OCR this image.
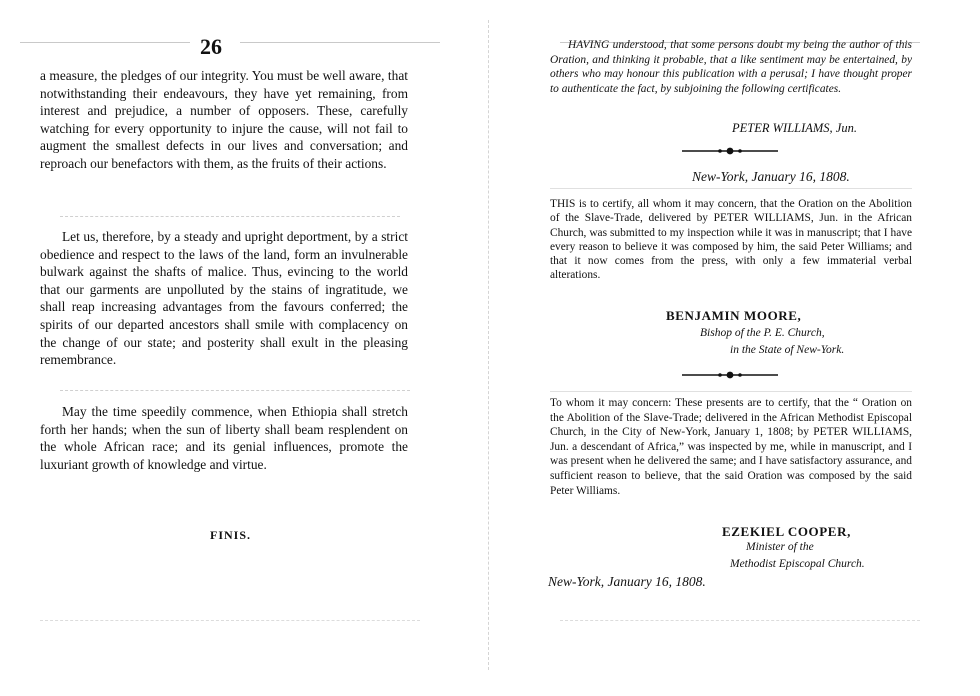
26

a measure, the pledges of our integrity. You must be well aware, that notwithstanding their endeavours, they have yet remaining, from interest and prejudice, a number of opposers. These, carefully watching for every opportunity to injure the cause, will not fail to augment the smallest defects in our lives and conversation; and reproach our benefactors with them, as the fruits of their actions.

Let us, therefore, by a steady and upright deportment, by a strict obedience and respect to the laws of the land, form an invulnerable bulwark against the shafts of malice. Thus, evincing to the world that our garments are unpolluted by the stains of ingratitude, we shall reap increasing advantages from the favours conferred; the spirits of our departed ancestors shall smile with complacency on the change of our state; and posterity shall exult in the pleasing remembrance.

May the time speedily commence, when Ethiopia shall stretch forth her hands; when the sun of liberty shall beam resplendent on the whole African race; and its genial influences, promote the luxuriant growth of knowledge and virtue.

FINIS.
HAVING understood, that some persons doubt my being the author of this Oration, and thinking it probable, that a like sentiment may be entertained, by others who may honour this publication with a perusal; I have thought proper to authenticate the fact, by subjoining the following certificates.
PETER WILLIAMS, Jun.
New-York, January 16, 1808.
THIS is to certify, all whom it may concern, that the Oration on the Abolition of the Slave-Trade, delivered by PETER WILLIAMS, Jun. in the African Church, was submitted to my inspection while it was in manuscript; that I have every reason to believe it was composed by him, the said Peter Williams; and that it now comes from the press, with only a few immaterial verbal alterations.
BENJAMIN MOORE,
Bishop of the P. E. Church,
in the State of New-York.
To whom it may concern: These presents are to certify, that the “ Oration on the Abolition of the Slave-Trade; delivered in the African Methodist Episcopal Church, in the City of New-York, January 1, 1808; by PETER WILLIAMS, Jun. a descendant of Africa,” was inspected by me, while in manuscript, and I was present when he delivered the same; and I have satisfactory assurance, and sufficient reason to believe, that the said Oration was composed by the said Peter Williams.
EZEKIEL COOPER,
Minister of the
Methodist Episcopal Church.
New-York, January 16, 1808.
